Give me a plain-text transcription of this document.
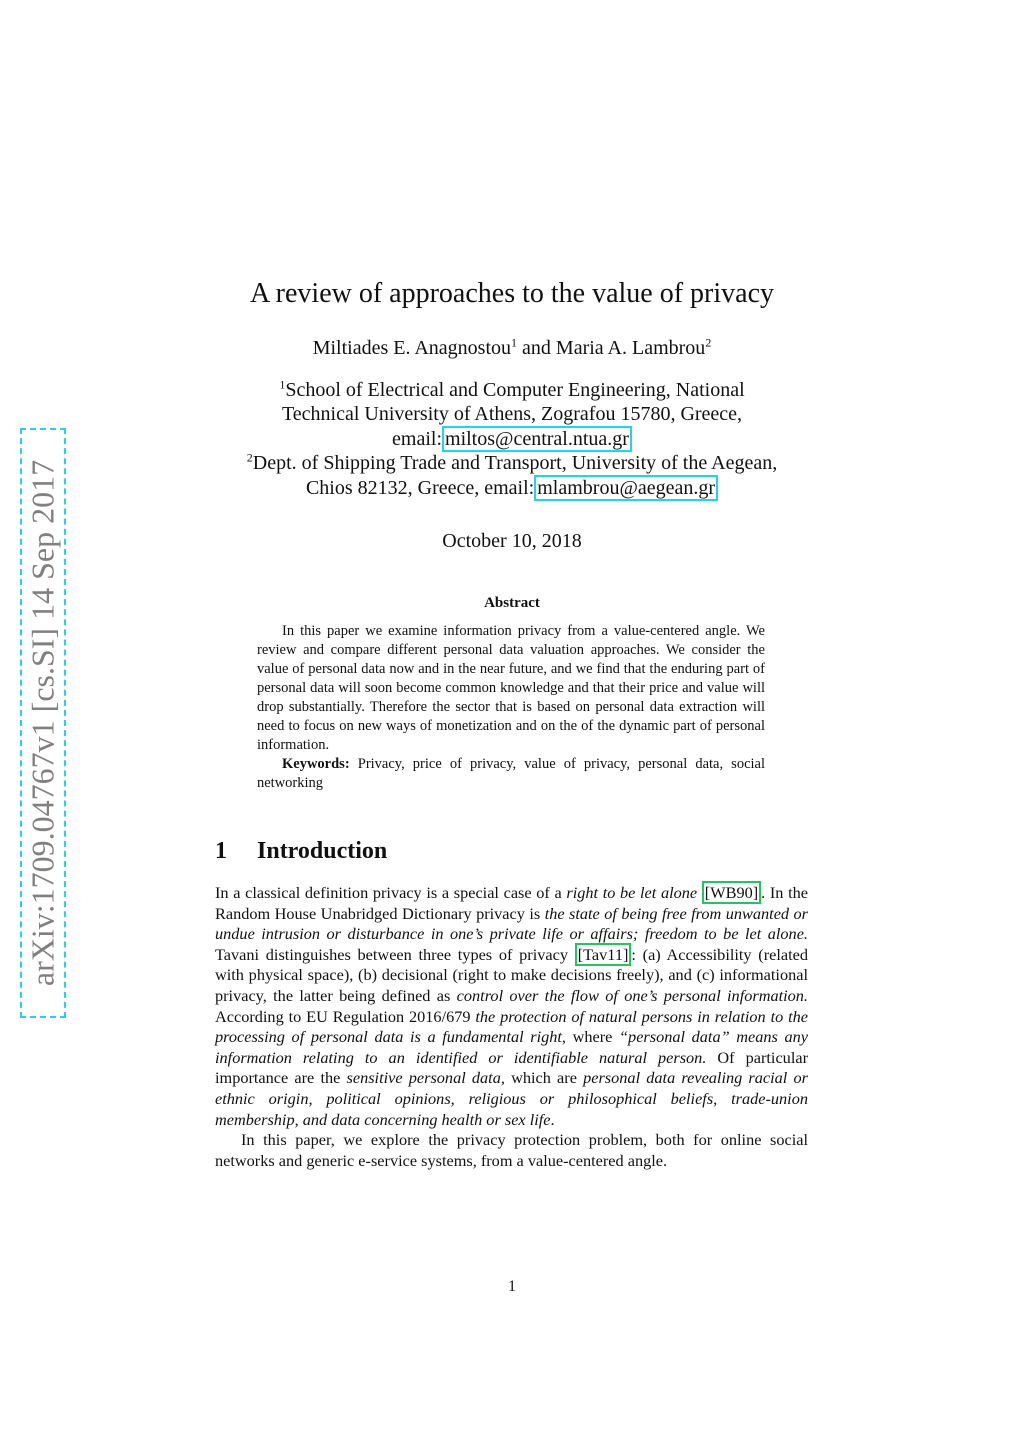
arXiv:1709.04767v1 [cs.SI] 14 Sep 2017
A review of approaches to the value of privacy
Miltiades E. Anagnostou$^1$ and Maria A. Lambrou$^2$
$^1$School of Electrical and Computer Engineering, National
Technical University of Athens, Zografou 15780, Greece,
email: miltos@central.ntua.gr
$^2$Dept. of Shipping Trade and Transport, University of the Aegean,
Chios 82132, Greece, email: mlambrou@aegean.gr
October 10, 2018
Abstract

In this paper we examine information privacy from a value-centered angle. We review and compare different personal data valuation approaches. We consider the value of personal data now and in the near future, and we find that the enduring part of personal data will soon become common knowledge and that their price and value will drop substantially. Therefore the sector that is based on personal data extraction will need to focus on new ways of monetization and on the of the dynamic part of personal information.

Keywords: Privacy, price of privacy, value of privacy, personal data, social networking

1 Introduction

In a classical definition privacy is a special case of a right to be let alone [WB90] . In the Random House Unabridged Dictionary privacy is the state of being free from unwanted or undue intrusion or disturbance in one’s private life or affairs; freedom to be let alone. Tavani distinguishes between three types of privacy [Tav11] : (a) Accessibility (related with physical space), (b) decisional (right to make decisions freely), and (c) informational privacy, the latter being defined as control over the flow of one’s personal information. According to EU Regulation 2016/679 the protection of natural persons in relation to the processing of personal data is a fundamental right, where “personal data” means any information relating to an identified or identifiable natural person. Of particular importance are the sensitive personal data, which are personal data revealing racial or ethnic origin, political opinions, religious or philosophical beliefs, trade-union membership, and data concerning health or sex life.

In this paper, we explore the privacy protection problem, both for online social networks and generic e-service systems, from a value-centered angle.

1
